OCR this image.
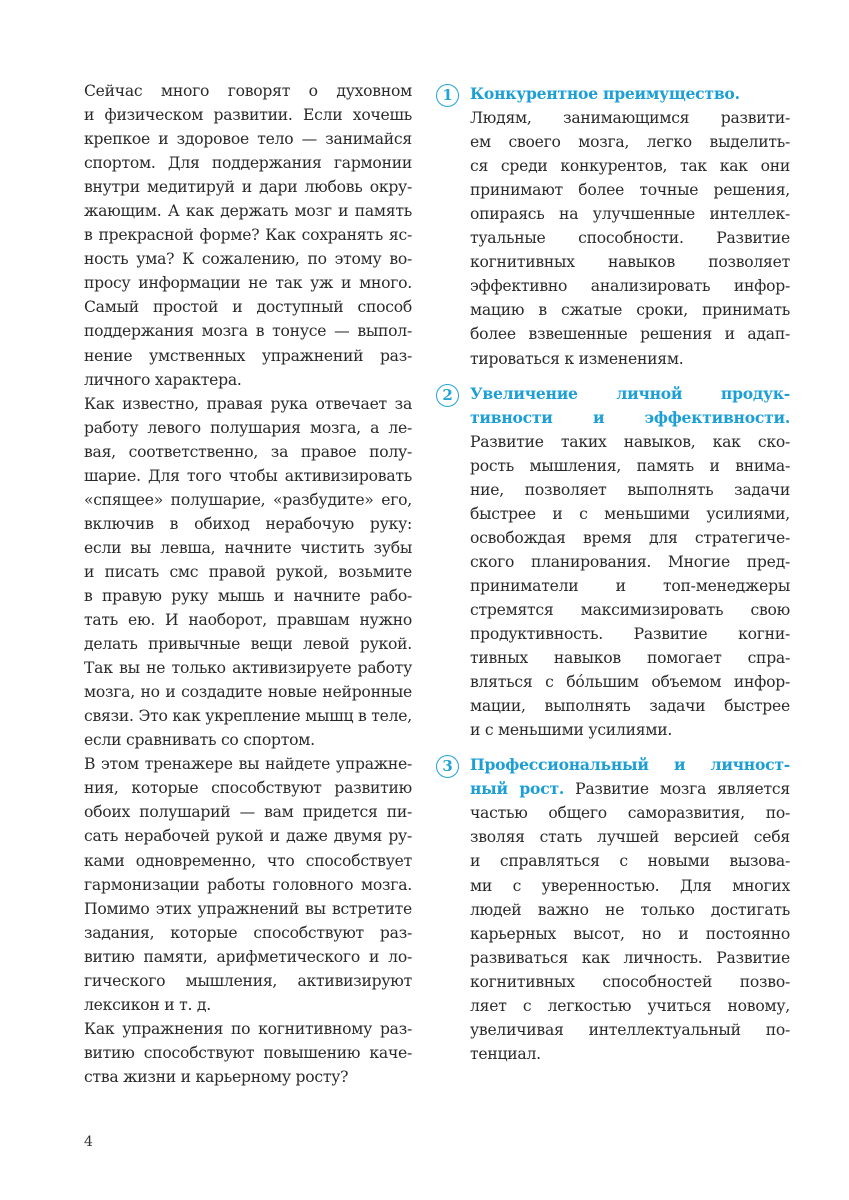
Сейчас много говорят о духовном
и физическом развитии. Если хочешь
крепкое и здоровое тело — занимайся
спортом. Для поддержания гармонии
внутри медитируй и дари любовь окру-
жающим. А как держать мозг и память
в прекрасной форме? Как сохранять яс-
ность ума? К сожалению, по этому во-
просу информации не так уж и много.
Самый простой и доступный способ
поддержания мозга в тонусе — выпол-
нение умственных упражнений раз-
личного характера.
Как известно, правая рука отвечает за
работу левого полушария мозга, а ле-
вая, соответственно, за правое полу-
шарие. Для того чтобы активизировать
«спящее» полушарие, «разбудите» его,
включив в обиход нерабочую руку:
если вы левша, начните чистить зубы
и писать смс правой рукой, возьмите
в правую руку мышь и начните рабо-
тать ею. И наоборот, правшам нужно
делать привычные вещи левой рукой.
Так вы не только активизируете работу
мозга, но и создадите новые нейронные
связи. Это как укрепление мышц в теле,
если сравнивать со спортом.
В этом тренажере вы найдете упражне-
ния, которые способствуют развитию
обоих полушарий — вам придется пи-
сать нерабочей рукой и даже двумя ру-
ками одновременно, что способствует
гармонизации работы головного мозга.
Помимо этих упражнений вы встретите
задания, которые способствуют раз-
витию памяти, арифметического и ло-
гического мышления, активизируют
лексикон и т. д.
Как упражнения по когнитивному раз-
витию способствуют повышению каче-
ства жизни и карьерному росту?
1	Конкурентное преимущество.
Людям, занимающимся развити-
ем своего мозга, легко выделить-
ся среди конкурентов, так как они
принимают более точные решения,
опираясь на улучшенные интеллек-
туальные способности. Развитие
когнитивных навыков позволяет
эффективно анализировать инфор-
мацию в сжатые сроки, принимать
более взвешенные решения и адап-
тироваться к изменениям.
2	Увеличение личной продук-
тивности и эффективности.
Развитие таких навыков, как ско-
рость мышления, память и внима-
ние, позволяет выполнять задачи
быстрее и с меньшими усилиями,
освобождая время для стратегиче-
ского планирования. Многие пред-
приниматели и топ-менеджеры
стремятся максимизировать свою
продуктивность. Развитие когни-
тивных навыков помогает спра-
вляться с бóльшим объемом инфор-
мации, выполнять задачи быстрее
и с меньшими усилиями.
3	Профессиональный и личност-
ный рост. Развитие мозга является
частью общего саморазвития, по-
зволяя стать лучшей версией себя
и справляться с новыми вызова-
ми с уверенностью. Для многих
людей важно не только достигать
карьерных высот, но и постоянно
развиваться как личность. Развитие
когнитивных способностей позво-
ляет с легкостью учиться новому,
увеличивая интеллектуальный по-
тенциал.
4
